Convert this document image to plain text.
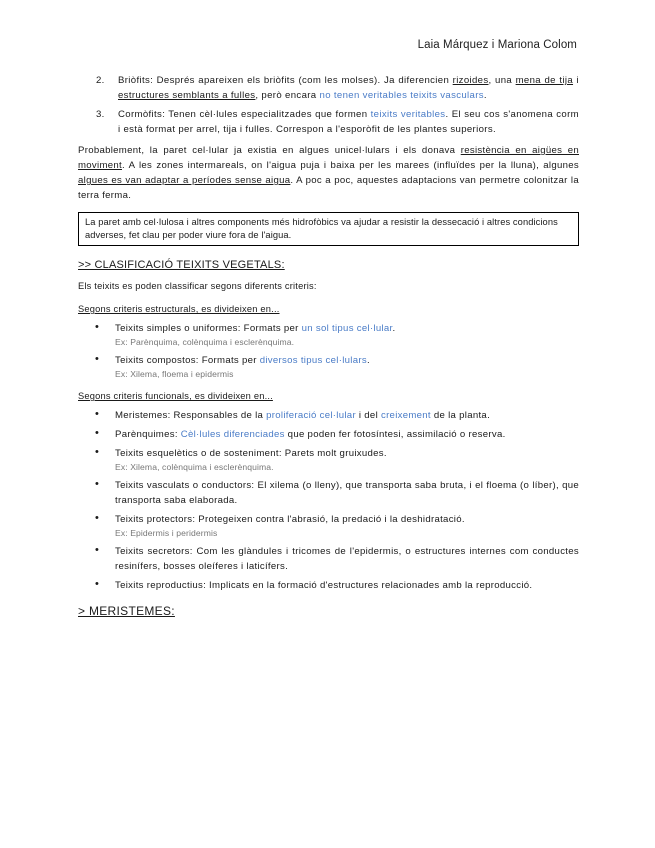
Laia Márquez i Mariona Colom
2. Briòfits: Després apareixen els briòfits (com les molses). Ja diferencien rizoides, una mena de tija i estructures semblants a fulles, però encara no tenen veritables teixits vasculars.
3. Cormòfits: Tenen cèl·lules especialitzades que formen teixits veritables. El seu cos s'anomena corm i està format per arrel, tija i fulles. Correspon a l'esporòfit de les plantes superiors.

Probablement, la paret cel·lular ja existia en algues unicel·lulars i els donava resistència en aigües en moviment. A les zones intermareals, on l'aigua puja i baixa per les marees (influïdes per la lluna), algunes algues es van adaptar a períodes sense aigua. A poc a poc, aquestes adaptacions van permetre colonitzar la terra ferma.

La paret amb cel·lulosa i altres components més hidrofòbics va ajudar a resistir la dessecació i altres condicions adverses, fet clau per poder viure fora de l'aigua.
>> CLASIFICACIÓ TEIXITS VEGETALS:
Els teixits es poden classificar segons diferents criteris:
Segons criteris estructurals, es divideixen en...
• Teixits simples o uniformes: Formats per un sol tipus cel·lular.
Ex: Parènquima, colènquima i esclerènquima.
• Teixits compostos: Formats per diversos tipus cel·lulars.
Ex: Xilema, floema i epidermis
Segons criteris funcionals, es divideixen en...
• Meristemes: Responsables de la proliferació cel·lular i del creixement de la planta.
• Parènquimes: Cèl·lules diferenciades que poden fer fotosíntesi, assimilació o reserva.
• Teixits esquelètics o de sosteniment: Parets molt gruixudes.
Ex: Xilema, colènquima i esclerènquima.
• Teixits vasculats o conductors: El xilema (o lleny), que transporta saba bruta, i el floema (o líber), que transporta saba elaborada.
• Teixits protectors: Protegeixen contra l'abrasió, la predació i la deshidratació.
Ex: Epidermis i peridermis
• Teixits secretors: Com les glàndules i tricomes de l'epidermis, o estructures internes com conductes resinífers, bosses oleíferes i laticífers.
• Teixits reproductius: Implicats en la formació d'estructures relacionades amb la reproducció.
> MERISTEMES:
